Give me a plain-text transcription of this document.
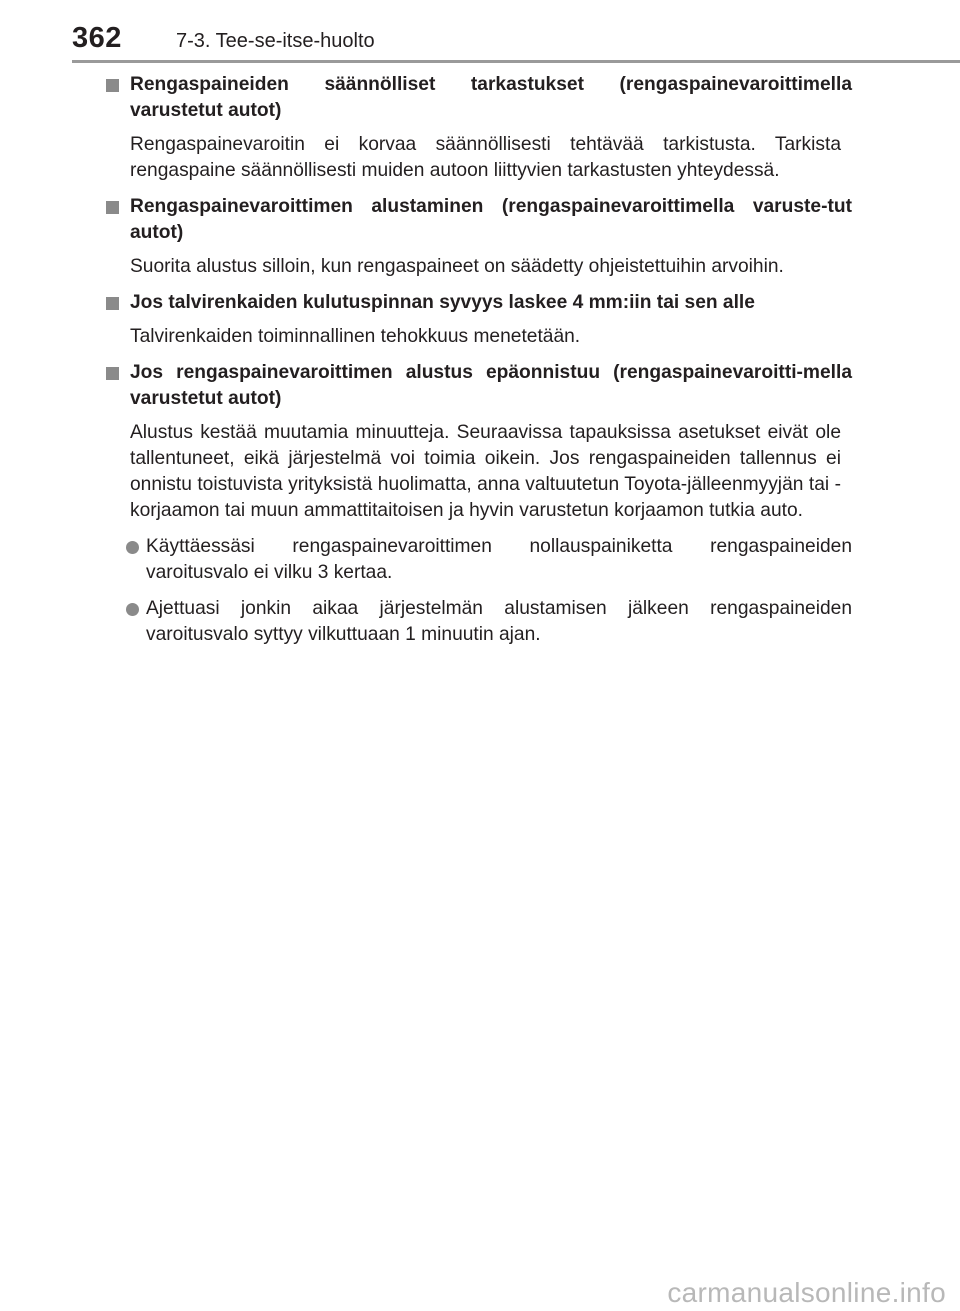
362	7-3. Tee-se-itse-huolto
Rengaspaineiden säännölliset tarkastukset (rengaspainevaroittimella varustetut autot)
Rengaspainevaroitin ei korvaa säännöllisesti tehtävää tarkistusta. Tarkista rengaspaine säännöllisesti muiden autoon liittyvien tarkastusten yhteydessä.
Rengaspainevaroittimen alustaminen (rengaspainevaroittimella varuste-tut autot)
Suorita alustus silloin, kun rengaspaineet on säädetty ohjeistettuihin arvoihin.
Jos talvirenkaiden kulutuspinnan syvyys laskee 4 mm:iin tai sen alle
Talvirenkaiden toiminnallinen tehokkuus menetetään.
Jos rengaspainevaroittimen alustus epäonnistuu (rengaspainevaroitti-mella varustetut autot)
Alustus kestää muutamia minuutteja. Seuraavissa tapauksissa asetukset eivät ole tallentuneet, eikä järjestelmä voi toimia oikein. Jos rengaspaineiden tallennus ei onnistu toistuvista yrityksistä huolimatta, anna valtuutetun Toyota-jälleenmyyjän tai -korjaamon tai muun ammattitaitoisen ja hyvin varustetun korjaamon tutkia auto.
Käyttäessäsi rengaspainevaroittimen nollauspainiketta rengaspaineiden varoitusvalo ei vilku 3 kertaa.
Ajettuasi jonkin aikaa järjestelmän alustamisen jälkeen rengaspaineiden varoitusvalo syttyy vilkuttuaan 1 minuutin ajan.
carmanualsonline.info
